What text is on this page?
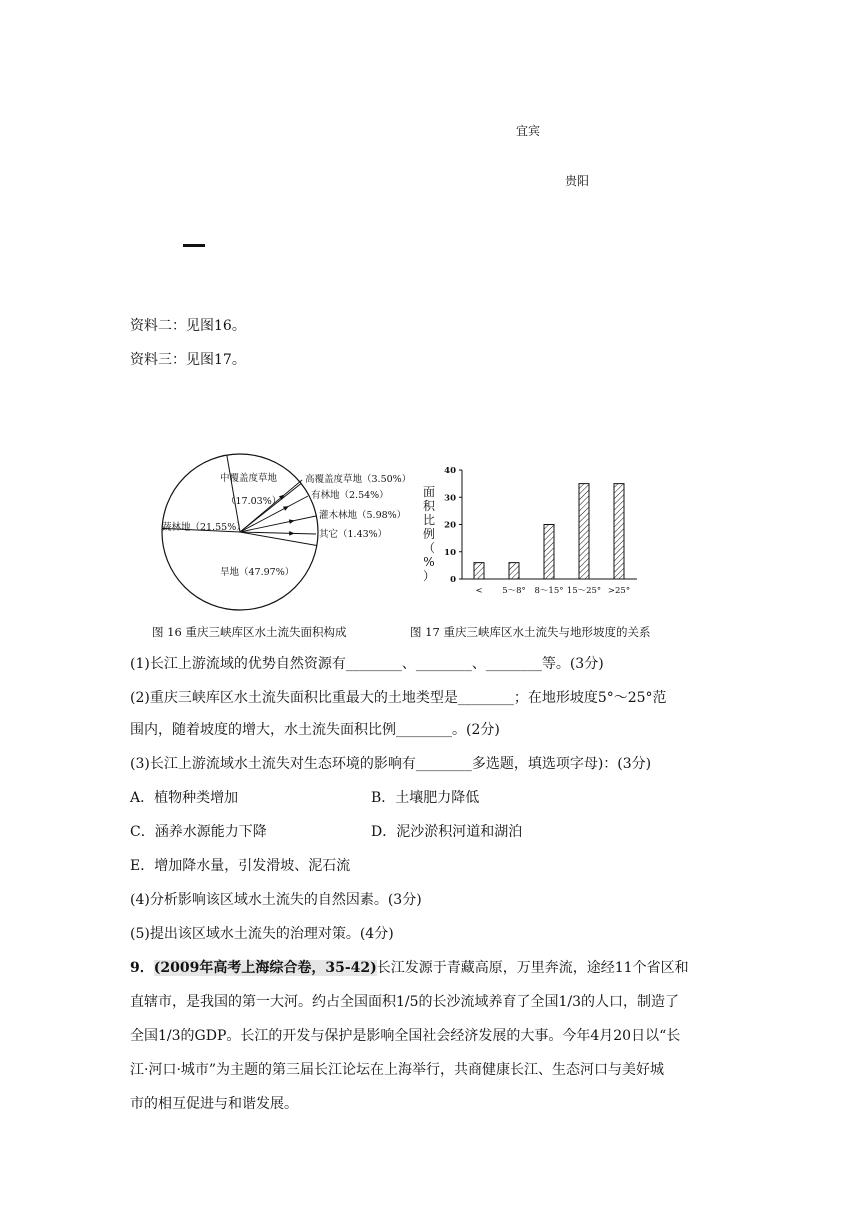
宜宾
贵阳
资料二：见图16。
资料三：见图17。
中覆盖度草地
（17.03%）
高覆盖度草地（3.50%）
有林地（2.54%）
灌木林地（5.98%）
其它（1.43%）
蔬林地（21.55%）
旱地（47.97%）
0
10
20
30
40
< 5～8° 8～15° 15～25° >25°
面
积
比
例
（
%
）
图 16 重庆三峡库区水土流失面积构成	图 17 重庆三峡库区水土流失与地形坡度的关系
(1)长江上游流域的优势自然资源有________、________、________等。(3分)
(2)重庆三峡库区水土流失面积比重最大的土地类型是________；在地形坡度5°～25°范
围内，随着坡度的增大，水土流失面积比例________。(2分)
(3)长江上游流域水土流失对生态环境的影响有________多选题，填选项字母)：(3分)
A．植物种类增加	B．土壤肥力降低
C．涵养水源能力下降	D．泥沙淤积河道和湖泊
E．增加降水量，引发滑坡、泥石流
(4)分析影响该区域水土流失的自然因素。(3分)
(5)提出该区域水土流失的治理对策。(4分)
9．(2009年高考上海综合卷，35-42)长江发源于青藏高原，万里奔流，途经11个省区和
直辖市，是我国的第一大河。约占全国面积1/5的长沙流域养育了全国1/3的人口，制造了
全国1/3的GDP。长江的开发与保护是影响全国社会经济发展的大事。今年4月20日以“长
江·河口·城市”为主题的第三届长江论坛在上海举行，共商健康长江、生态河口与美好城
市的相互促进与和谐发展。
